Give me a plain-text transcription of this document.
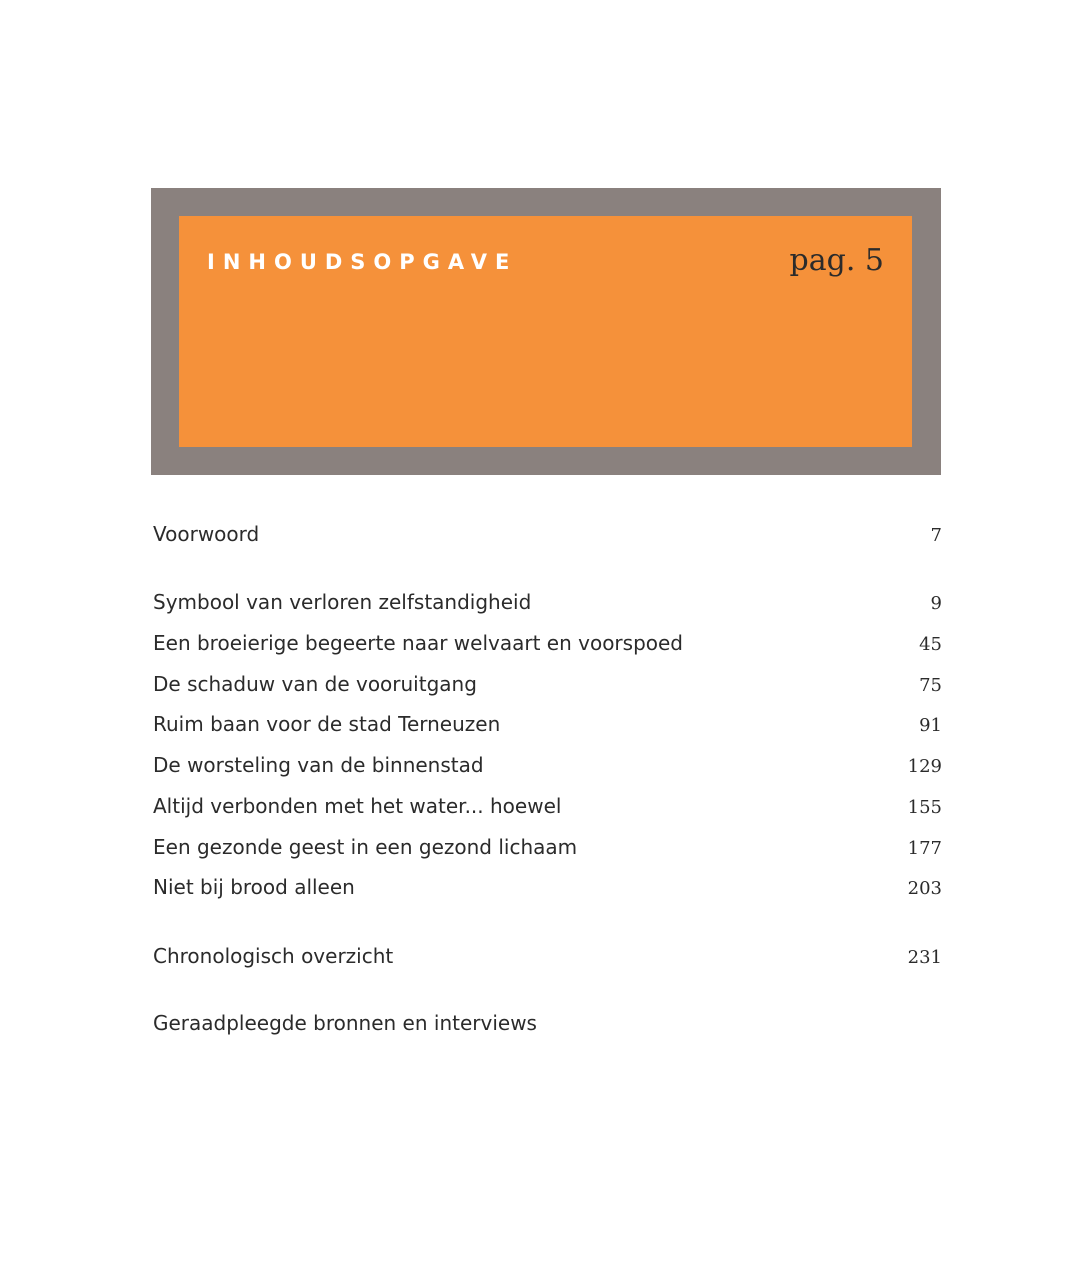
INHOUDSOPGAVE	pag. 5
Voorwoord	7
Symbool van verloren zelfstandigheid	9
Een broeierige begeerte naar welvaart en voorspoed	45
De schaduw van de vooruitgang	75
Ruim baan voor de stad Terneuzen	91
De worsteling van de binnenstad	129
Altijd verbonden met het water... hoewel	155
Een gezonde geest in een gezond lichaam	177
Niet bij brood alleen	203
Chronologisch overzicht	231
Geraadpleegde bronnen en interviews
